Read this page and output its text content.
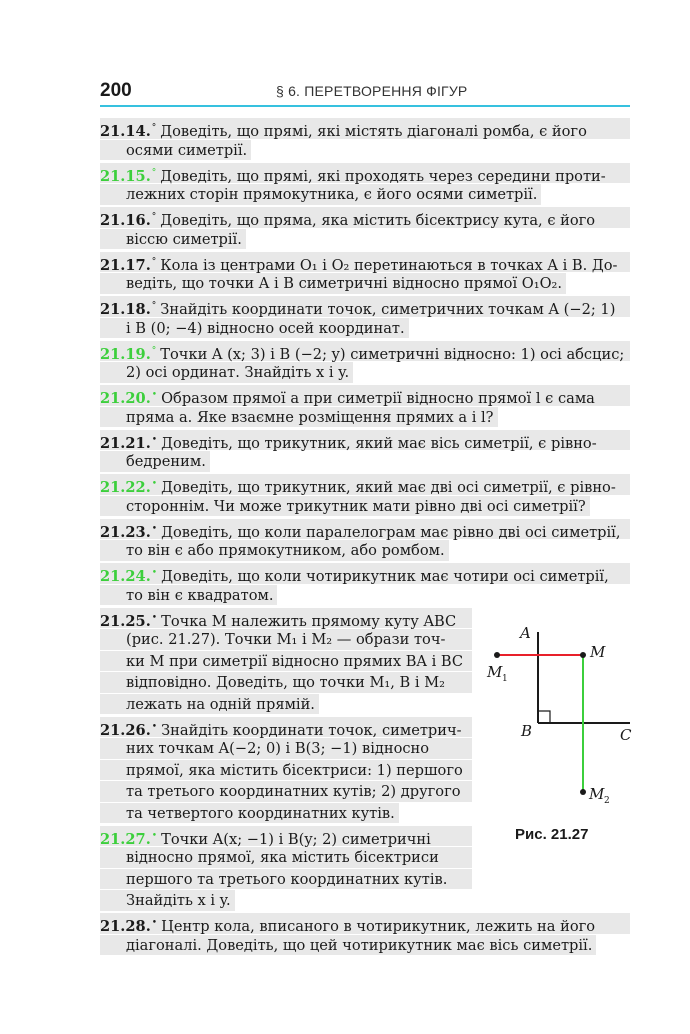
200	§ 6. ПЕРЕТВОРЕННЯ ФІГУР
21.14.° Доведіть, що прямі, які містять діагоналі ромба, є його
осями симетрії.
21.15.° Доведіть, що прямі, які проходять через середини проти-
лежних сторін прямокутника, є його осями симетрії.
21.16.° Доведіть, що пряма, яка містить бісектрису кута, є його
віссю симетрії.
21.17.° Кола із центрами O₁ і O₂ перетинаються в точках A і B. До-
ведіть, що точки A і B симетричні відносно прямої O₁O₂.
21.18.° Знайдіть координати точок, симетричних точкам A (−2; 1)
і B (0; −4) відносно осей координат.
21.19.° Точки A (x; 3) і B (−2; y) симетричні відносно: 1) осі абсцис;
2) осі ординат. Знайдіть x і y.
21.20.• Образом прямої a при симетрії відносно прямої l є сама
пряма a. Яке взаємне розміщення прямих a і l?
21.21.• Доведіть, що трикутник, який має вісь симетрії, є рівно-
бедреним.
21.22.• Доведіть, що трикутник, який має дві осі симетрії, є рівно-
стороннім. Чи може трикутник мати рівно дві осі симетрії?
21.23.• Доведіть, що коли паралелограм має рівно дві осі симетрії,
то він є або прямокутником, або ромбом.
21.24.• Доведіть, що коли чотирикутник має чотири осі симетрії,
то він є квадратом.
21.25.• Точка M належить прямому куту ABC
(рис. 21.27). Точки M₁ і M₂ — образи точ-
ки M при симетрії відносно прямих BA і BC
відповідно. Доведіть, що точки M₁, B і M₂
лежать на одній прямій.
21.26.• Знайдіть координати точок, симетрич-
них точкам A(−2; 0) і B(3; −1) відносно
прямої, яка містить бісектриси: 1) першого
та третього координатних кутів; 2) другого
та четвертого координатних кутів.
21.27.• Точки A(x; −1) і B(y; 2) симетричні
відносно прямої, яка містить бісектриси
першого та третього координатних кутів.
Знайдіть x і y.
21.28.• Центр кола, вписаного в чотирикутник, лежить на його
діагоналі. Доведіть, що цей чотирикутник має вісь симетрії.
A
M
M 1
B	C
M 2
Рис. 21.27
